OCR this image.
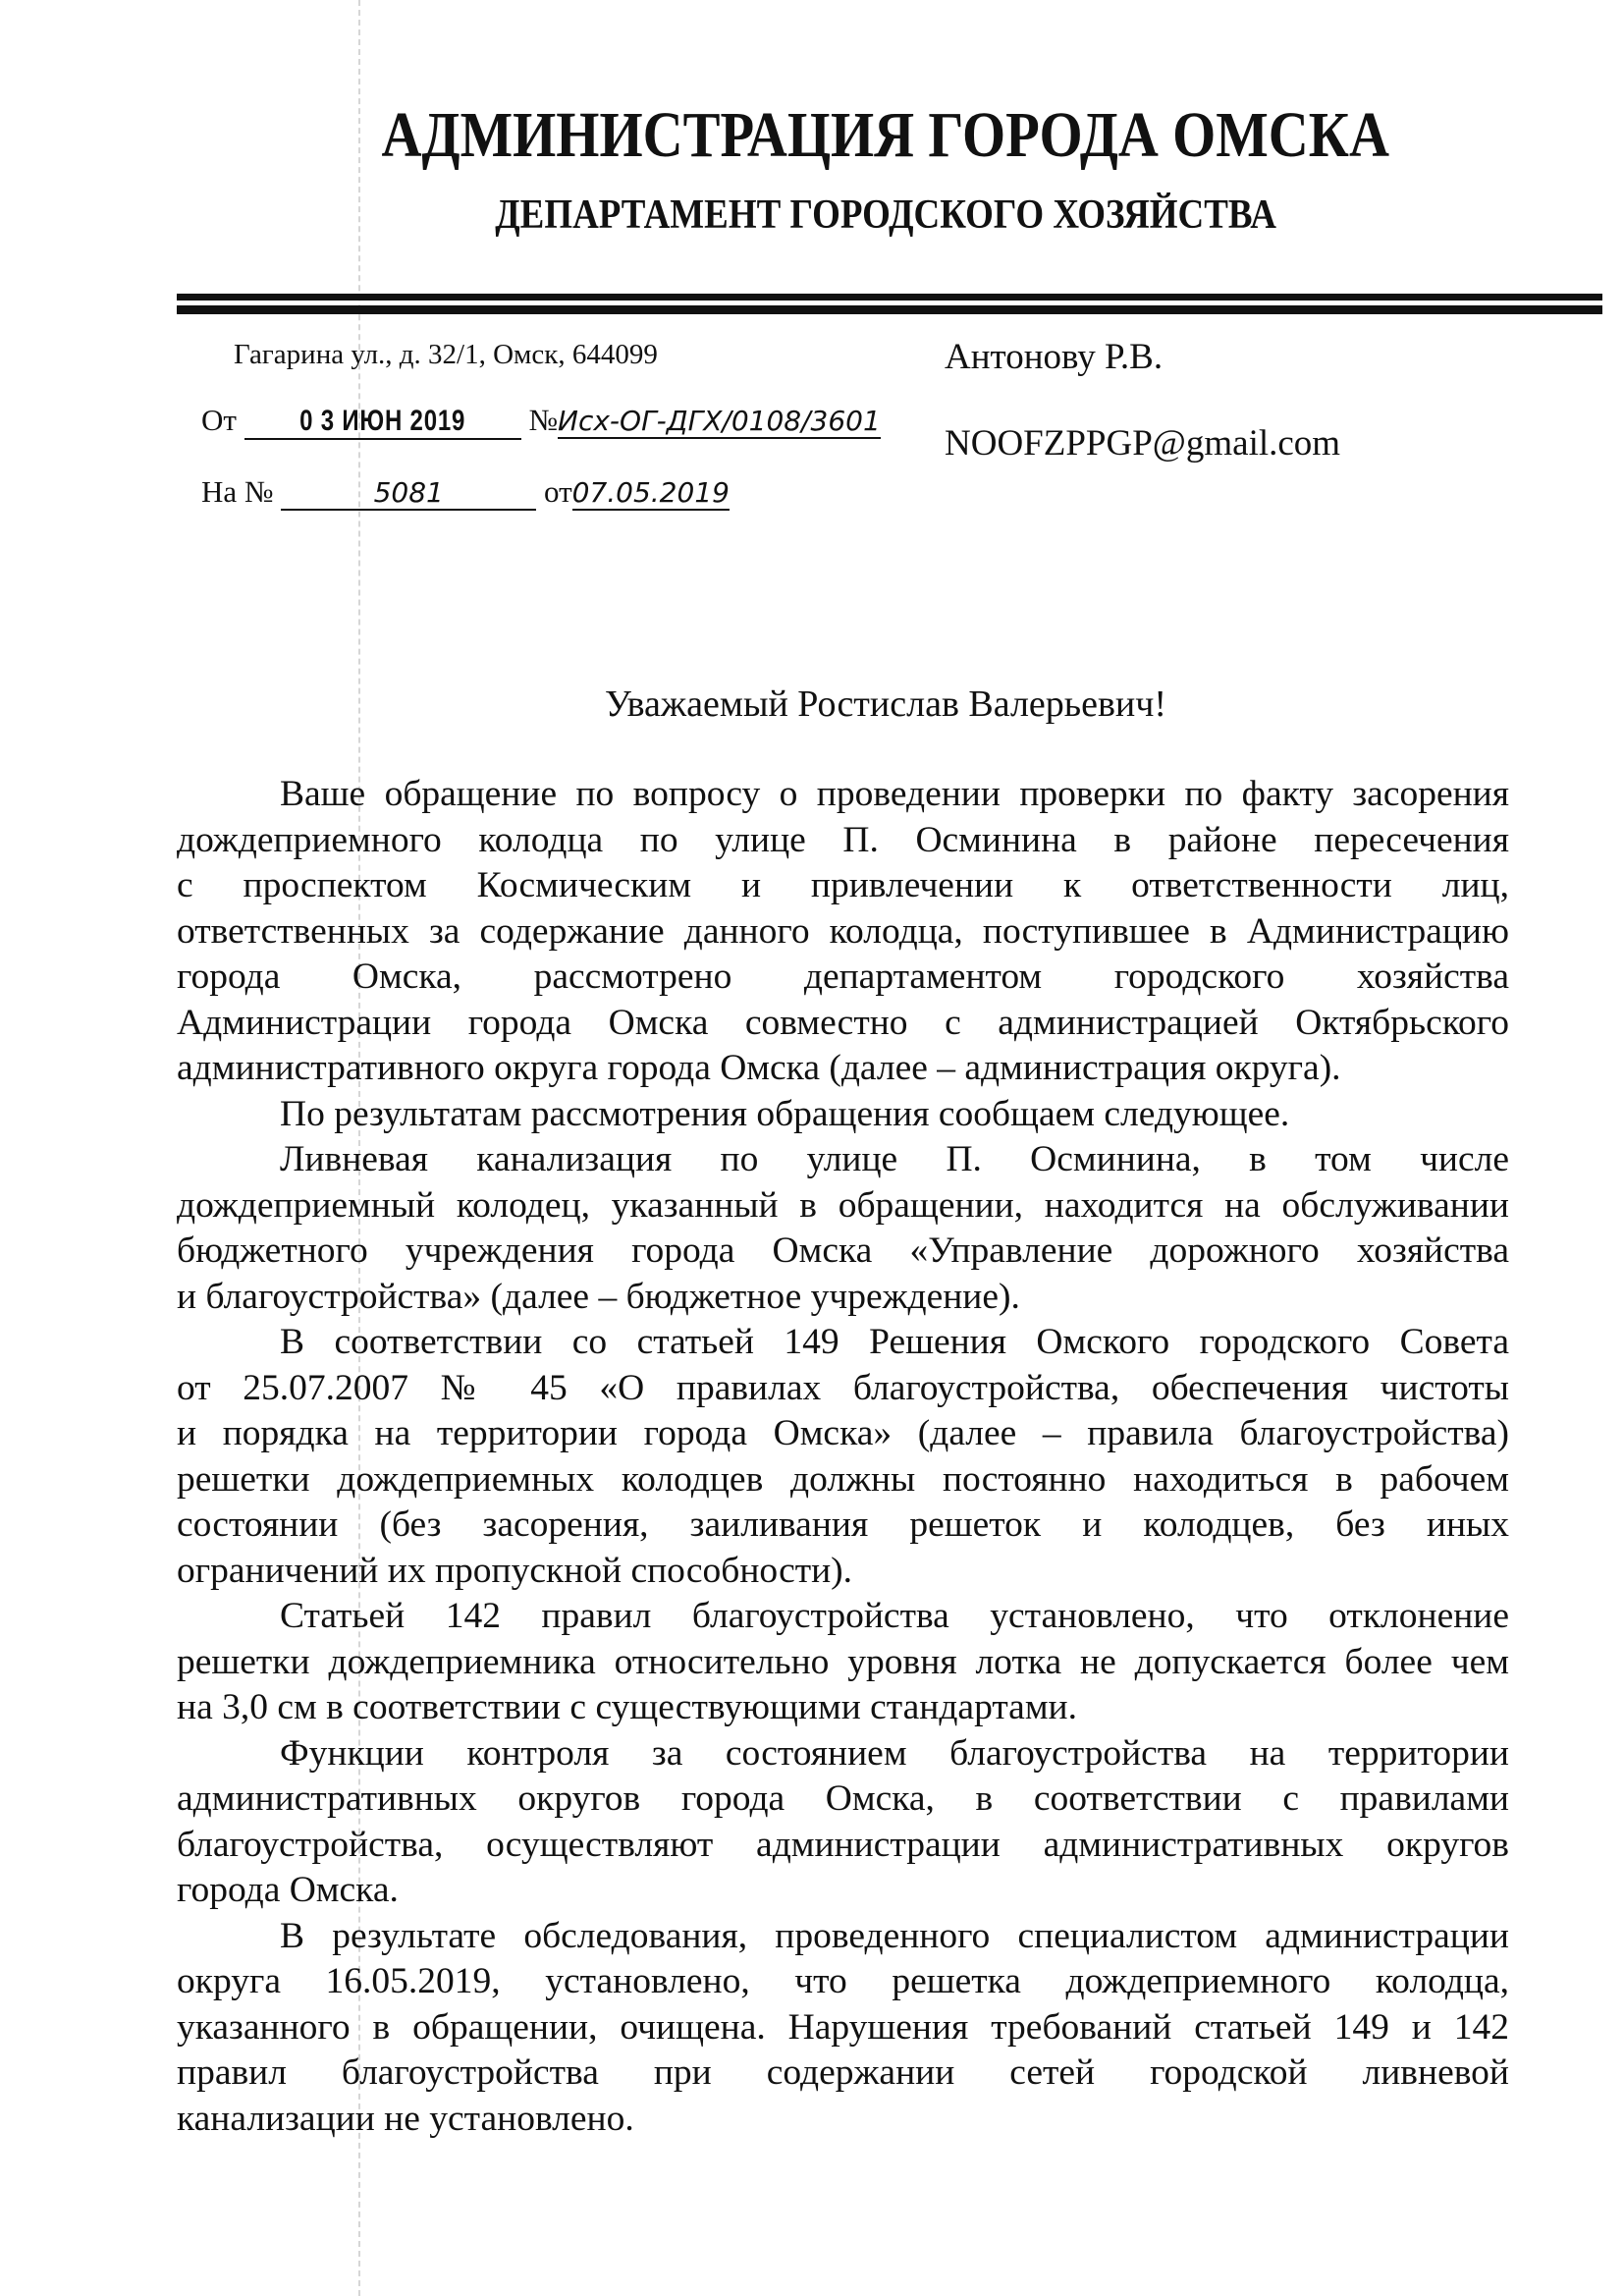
АДМИНИСТРАЦИЯ ГОРОДА ОМСКА
ДЕПАРТАМЕНТ ГОРОДСКОГО ХОЗЯЙСТВА
Гагарина ул., д. 32/1, Омск, 644099
От 0 3 ИЮН 2019 №Исх-ОГ-ДГХ/0108/3601
На №	5081	от07.05.2019
Антонову Р.В.
NOOFZPPGP@gmail.com
Уважаемый Ростислав Валерьевич!
Ваше обращение по вопросу о проведении проверки по факту засорения
дождеприемного колодца по улице П. Осминина в районе пересечения
с проспектом Космическим и привлечении к ответственности лиц,
ответственных за содержание данного колодца, поступившее в Администрацию
города Омска, рассмотрено департаментом городского хозяйства
Администрации города Омска совместно с администрацией Октябрьского
административного округа города Омска (далее – администрация округа).
По результатам рассмотрения обращения сообщаем следующее.
Ливневая канализация по улице П. Осминина, в том числе
дождеприемный колодец, указанный в обращении, находится на обслуживании
бюджетного учреждения города Омска «Управление дорожного хозяйства
и благоустройства» (далее – бюджетное учреждение).
В соответствии со статьей 149 Решения Омского городского Совета
от 25.07.2007 № 45 «О правилах благоустройства, обеспечения чистоты
и порядка на территории города Омска» (далее – правила благоустройства)
решетки дождеприемных колодцев должны постоянно находиться в рабочем
состоянии (без засорения, заиливания решеток и колодцев, без иных
ограничений их пропускной способности).
Статьей 142 правил благоустройства установлено, что отклонение
решетки дождеприемника относительно уровня лотка не допускается более чем
на 3,0 см в соответствии с существующими стандартами.
Функции контроля за состоянием благоустройства на территории
административных округов города Омска, в соответствии с правилами
благоустройства, осуществляют администрации административных округов
города Омска.
В результате обследования, проведенного специалистом администрации
округа 16.05.2019, установлено, что решетка дождеприемного колодца,
указанного в обращении, очищена. Нарушения требований статьей 149 и 142
правил благоустройства при содержании сетей городской ливневой
канализации не установлено.
